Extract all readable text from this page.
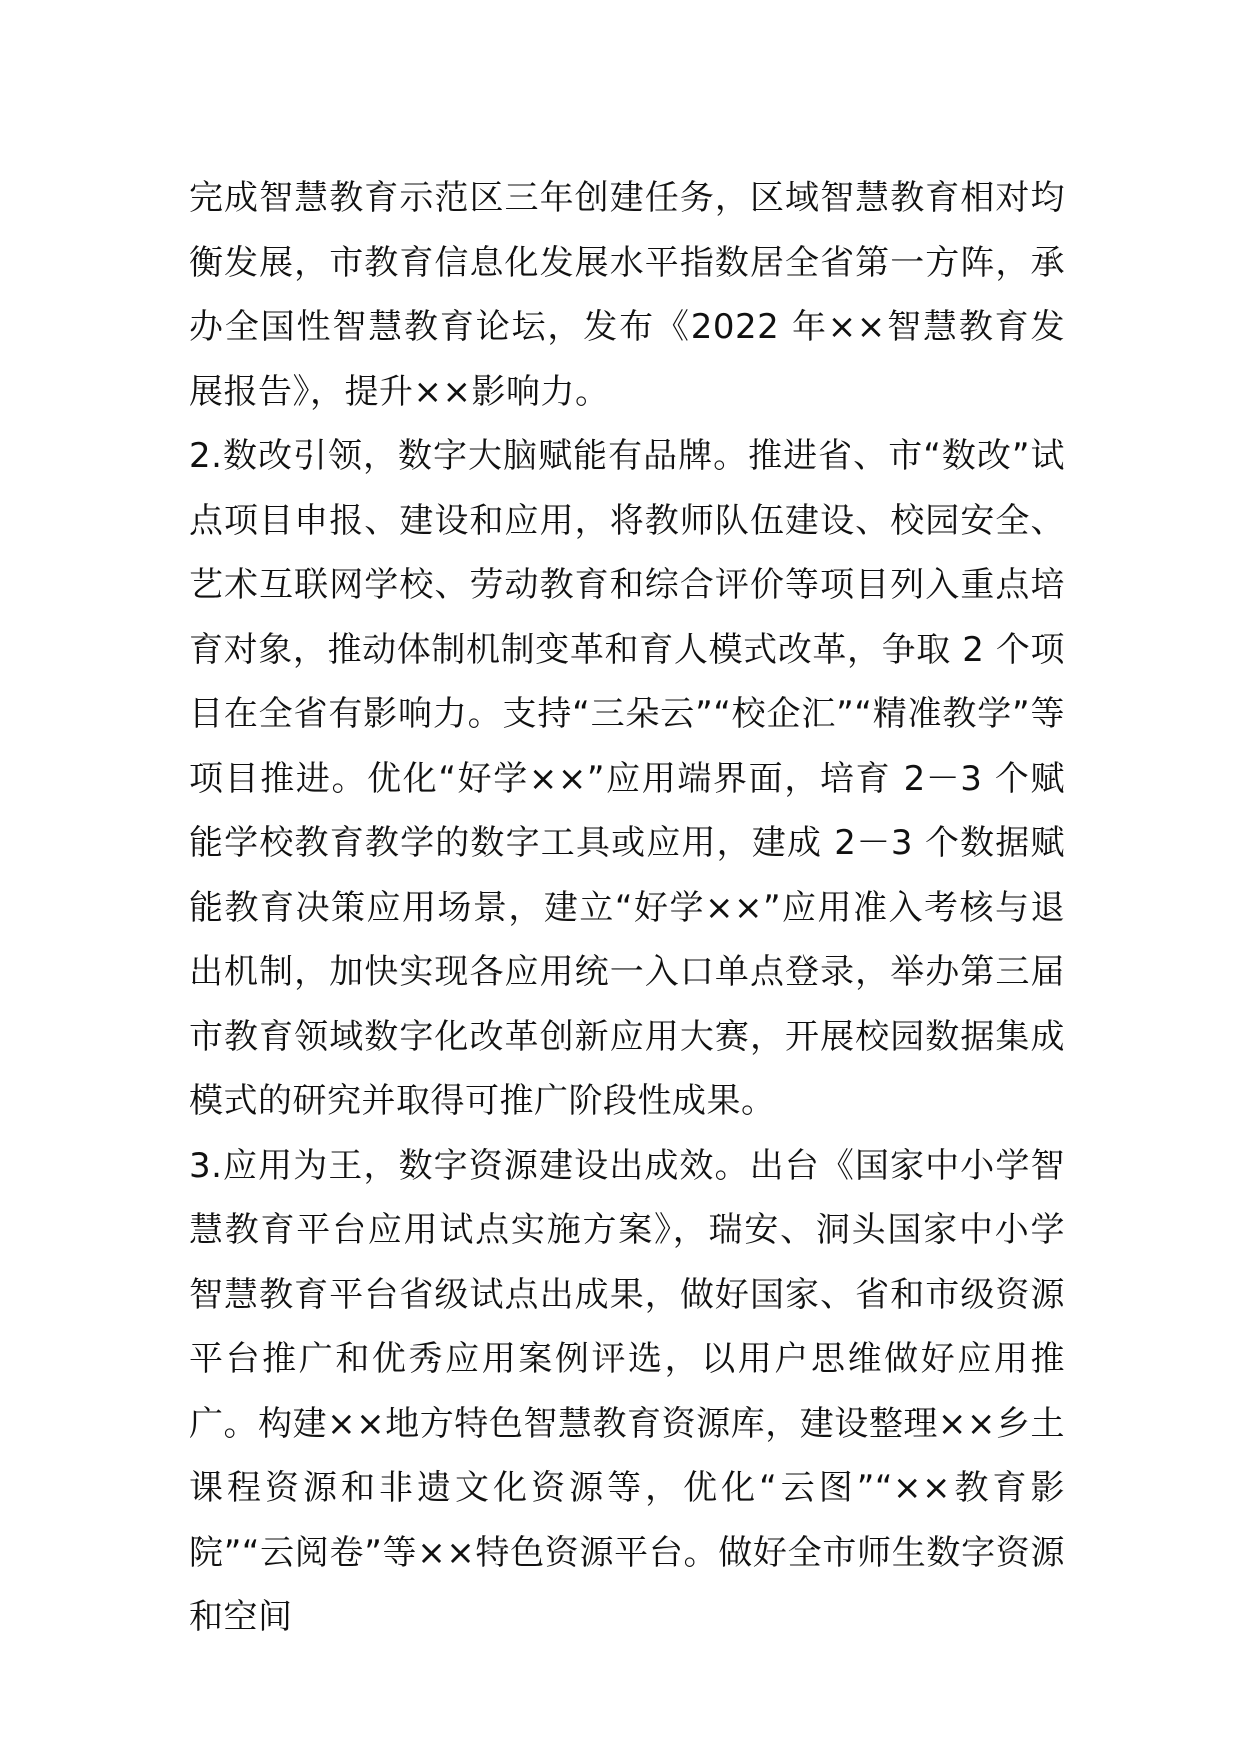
完成智慧教育示范区三年创建任务，区域智慧教育相对均衡发展，市教育信息化发展水平指数居全省第一方阵，承办全国性智慧教育论坛，发布《2022 年××智慧教育发展报告》，提升××影响力。

2.数改引领，数字大脑赋能有品牌。推进省、市“数改”试点项目申报、建设和应用，将教师队伍建设、校园安全、艺术互联网学校、劳动教育和综合评价等项目列入重点培育对象，推动体制机制变革和育人模式改革，争取 2 个项目在全省有影响力。支持“三朵云”“校企汇”“精准教学”等项目推进。优化“好学××”应用端界面，培育 2－3 个赋能学校教育教学的数字工具或应用，建成 2－3 个数据赋能教育决策应用场景，建立“好学××”应用准入考核与退出机制，加快实现各应用统一入口单点登录，举办第三届市教育领域数字化改革创新应用大赛，开展校园数据集成模式的研究并取得可推广阶段性成果。

3.应用为王，数字资源建设出成效。出台《国家中小学智慧教育平台应用试点实施方案》，瑞安、洞头国家中小学智慧教育平台省级试点出成果，做好国家、省和市级资源平台推广和优秀应用案例评选，以用户思维做好应用推广。构建××地方特色智慧教育资源库，建设整理××乡土课程资源和非遗文化资源等，优化“云图”“××教育影院”“云阅卷”等××特色资源平台。做好全市师生数字资源和空间
